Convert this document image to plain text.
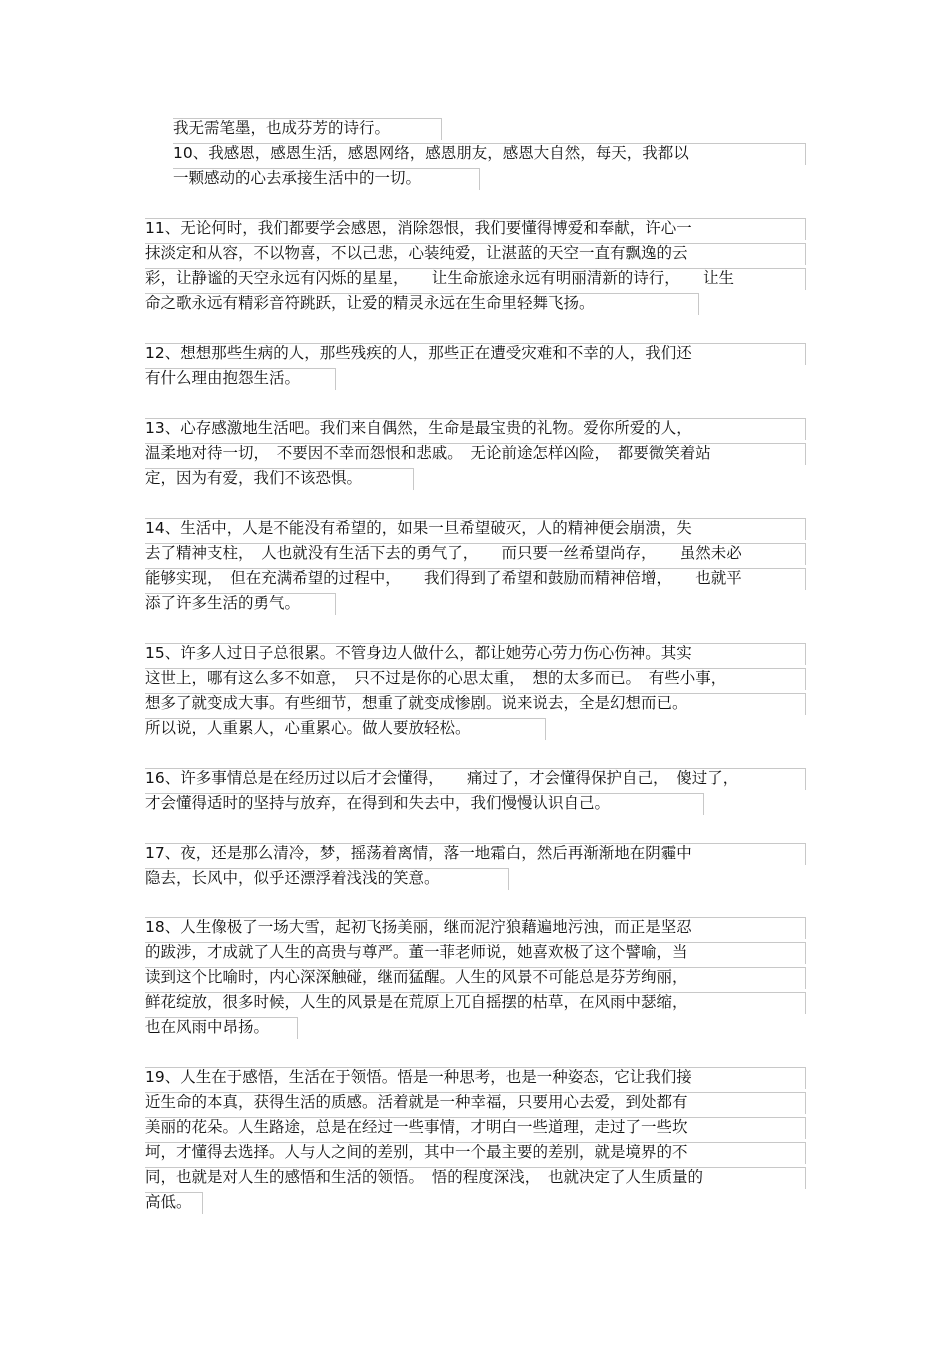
我无需笔墨，也成芬芳的诗行。
10、我感恩，感恩生活，感恩网络，感恩朋友，感恩大自然，每天，我都以
一颗感动的心去承接生活中的一切。
11、无论何时，我们都要学会感恩，消除怨恨，我们要懂得博爱和奉献，许心一
抹淡定和从容，不以物喜，不以己悲，心装纯爱，让湛蓝的天空一直有飘逸的云
彩，让静谧的天空永远有闪烁的星星，　　让生命旅途永远有明丽清新的诗行，　　让生
命之歌永远有精彩音符跳跃，让爱的精灵永远在生命里轻舞飞扬。
12、想想那些生病的人，那些残疾的人，那些正在遭受灾难和不幸的人，我们还
有什么理由抱怨生活。
13、心存感激地生活吧。我们来自偶然，生命是最宝贵的礼物。爱你所爱的人，
温柔地对待一切，　不要因不幸而怨恨和悲戚。　无论前途怎样凶险，　都要微笑着站
定，因为有爱，我们不该恐惧。
14、生活中，人是不能没有希望的，如果一旦希望破灭，人的精神便会崩溃，失
去了精神支柱，　人也就没有生活下去的勇气了，　　而只要一丝希望尚存，　　虽然未必
能够实现，　但在充满希望的过程中，　　我们得到了希望和鼓励而精神倍增，　　也就平
添了许多生活的勇气。
15、许多人过日子总很累。不管身边人做什么，都让她劳心劳力伤心伤神。其实
这世上，哪有这么多不如意，　只不过是你的心思太重，　想的太多而已。　有些小事，
想多了就变成大事。有些细节，想重了就变成惨剧。说来说去，全是幻想而已。
所以说，人重累人，心重累心。做人要放轻松。
16、许多事情总是在经历过以后才会懂得，　　痛过了，才会懂得保护自己，　傻过了，
才会懂得适时的坚持与放弃，在得到和失去中，我们慢慢认识自己。
17、夜，还是那么清冷，梦，摇荡着离情，落一地霜白，然后再渐渐地在阴霾中
隐去，长风中，似乎还漂浮着浅浅的笑意。
18、人生像极了一场大雪，起初飞扬美丽，继而泥泞狼藉遍地污浊，而正是坚忍
的跋涉，才成就了人生的高贵与尊严。董一菲老师说，她喜欢极了这个譬喻，当
读到这个比喻时，内心深深触碰，继而猛醒。人生的风景不可能总是芬芳绚丽，
鲜花绽放，很多时候，人生的风景是在荒原上兀自摇摆的枯草，在风雨中瑟缩，
也在风雨中昂扬。
19、人生在于感悟，生活在于领悟。悟是一种思考，也是一种姿态，它让我们接
近生命的本真，获得生活的质感。活着就是一种幸福，只要用心去爱，到处都有
美丽的花朵。人生路途，总是在经过一些事情，才明白一些道理，走过了一些坎
坷，才懂得去选择。人与人之间的差别，其中一个最主要的差别，就是境界的不
同，也就是对人生的感悟和生活的领悟。　悟的程度深浅，　也就决定了人生质量的
高低。
